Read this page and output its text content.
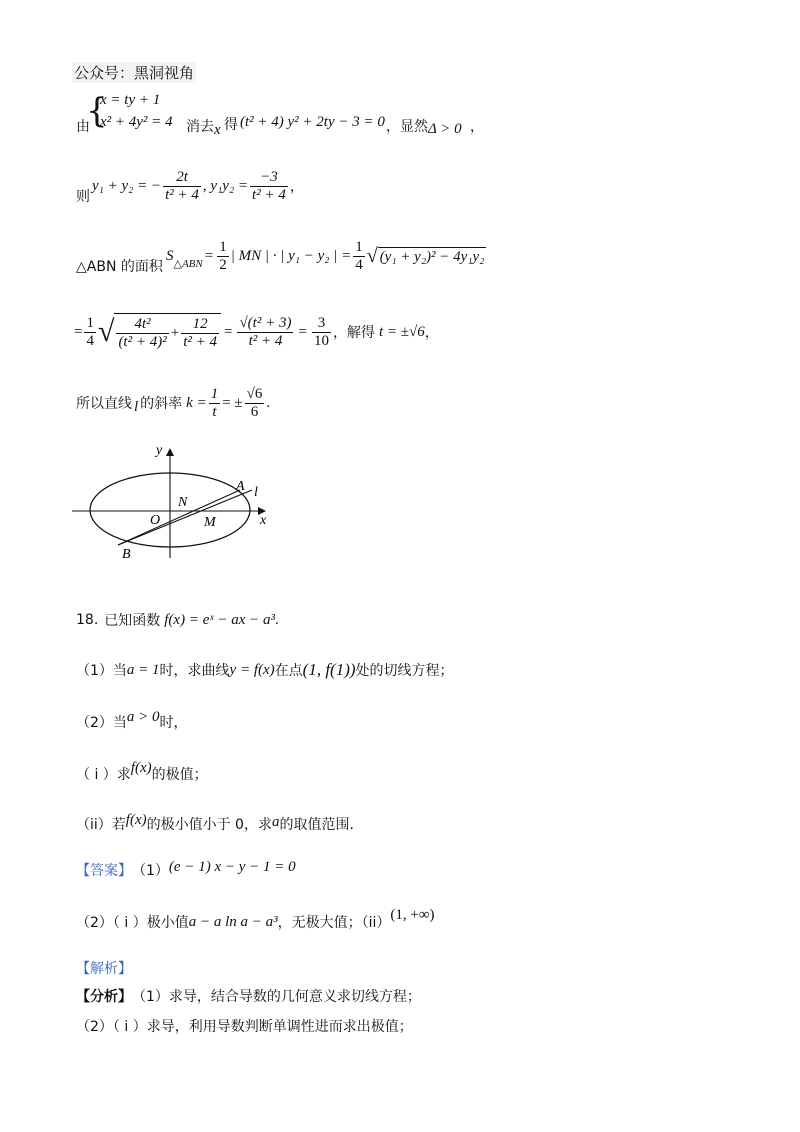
公众号：黑洞视角
由
{
x = ty + 1
x² + 4y² = 4 消去 x 得 (t² + 4) y² + 2ty − 3 = 0 ，显然 Δ > 0 ，
则
y₁ + y₂ = − $\frac{2t}{\text{t² + 4}}$ , $y_1y_2 = \frac{-3}{\text{t² + 4}}$ ，
△ABN 的面积
S △ABN = $\frac{1}{2}$ | MN | · | y₁ − y₂ | = $\frac{1}{4}$ √ (y₁ + y₂)² − 4y₁y₂
= $\frac{1}{4}$ √ $\frac{\text{4t²}}{\text{(t² + 4)²}} + \frac{12}{\text{t² + 4}} = \frac{\text{√(t² + 3)}}{\text{t² + 4}} = \frac{3}{10}$ ，解得 t = ±√6 ，
所以直线 l 的斜率 $k = \frac{1}{t}$ = ± $\frac{√6}{6}$ .
y
x
O
N
M
A
B
l
18. 已知函数 f(x) = eˣ − ax − a³ .
（1）当 a = 1 时，求曲线 y = f(x) 在点 (1, f(1)) 处的切线方程；
（2）当 a > 0 时，
（ i ）求 f(x) 的极值；
（ii）若 f(x) 的极小值小于 0，求 a 的取值范围.
【答案】 （1） (e − 1) x − y − 1 = 0
（2）（ i ）极小值 a − a ln a − a³ ，无极大值；（ii）
(1, +∞)
【解析】
【分析】 （1）求导，结合导数的几何意义求切线方程；
（2）（ i ）求导，利用导数判断单调性进而求出极值；
